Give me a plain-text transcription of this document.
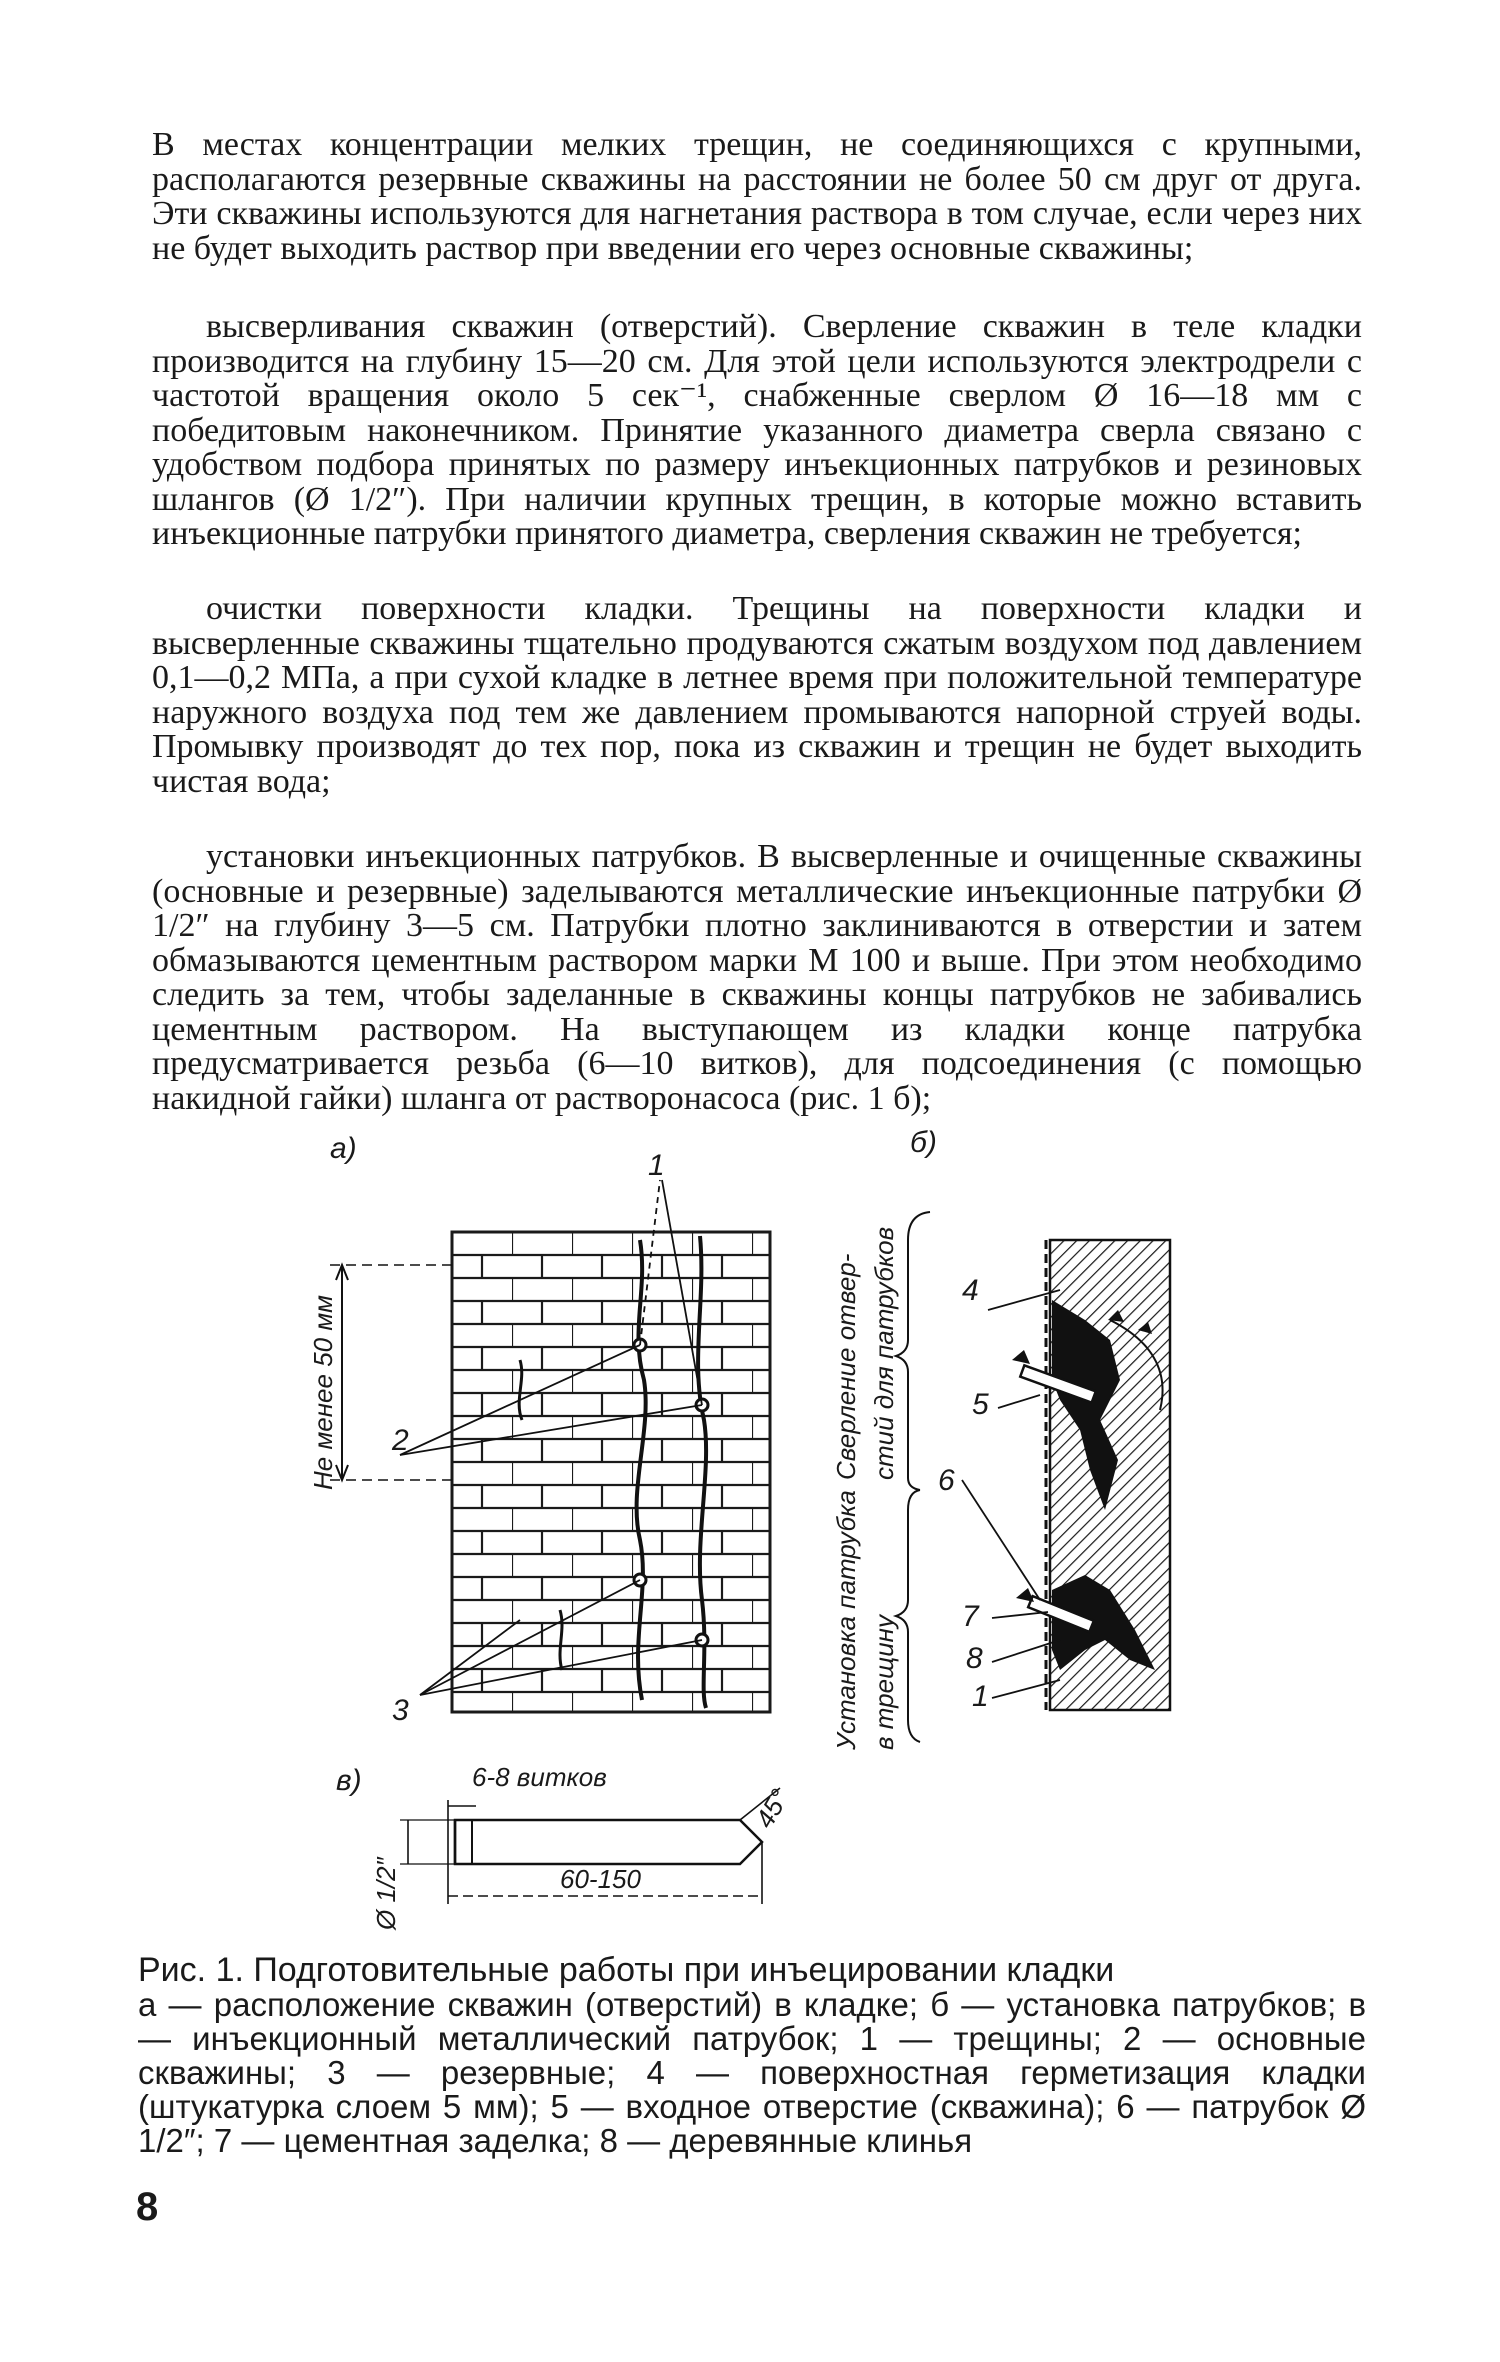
В местах концентрации мелких трещин, не соединяющихся с крупными, располагаются резервные скважины на расстоянии не более 50 см друг от друга. Эти скважины используются для нагнетания раствора в том случае, если через них не будет выходить раствор при введении его через основные скважины;

высверливания скважин (отверстий). Сверление скважин в теле кладки производится на глубину 15—20 см. Для этой цели используются электродрели с частотой вращения около 5 сек⁻¹, снабженные сверлом Ø 16—18 мм с победитовым наконечником. Принятие указанного диаметра сверла связано с удобством подбора принятых по размеру инъекционных патрубков и резиновых шлангов (Ø 1/2″). При наличии крупных трещин, в которые можно вставить инъекционные патрубки принятого диаметра, сверления скважин не требуется;

очистки поверхности кладки. Трещины на поверхности кладки и высверленные скважины тщательно продуваются сжатым воздухом под давлением 0,1—0,2 МПа, а при сухой кладке в летнее время при положительной температуре наружного воздуха под тем же давлением промываются напорной струей воды. Промывку производят до тех пор, пока из скважин и трещин не будет выходить чистая вода;

установки инъекционных патрубков. В высверленные и очищенные скважины (основные и резервные) заделываются металлические инъекционные патрубки Ø 1/2″ на глубину 3—5 см. Патрубки плотно заклиниваются в отверстии и затем обмазываются цементным раствором марки М 100 и выше. При этом необходимо следить за тем, чтобы заделанные в скважины концы патрубков не забивались цементным раствором. На выступающем из кладки конце патрубка предусматривается резьба (6—10 витков), для подсоединения (с помощью накидной гайки) шланга от растворонасоса (рис. 1 б);

а)
1
2
3
Не менее 50 мм
б)
4
5
6
7
8
1
Сверление отвер- стий для патрубков
Установка патрубка в трещину
в)	6-8 витков
45°
Ø 1/2″	60-150

Рис. 1. Подготовительные работы при инъецировании кладки

а — расположение скважин (отверстий) в кладке; б — установка патрубков; в — инъекционный металлический патрубок; 1 — трещины; 2 — основные скважины; 3 — резервные; 4 — поверхностная герметизация кладки (штукатурка слоем 5 мм); 5 — входное отверстие (скважина); 6 — патрубок Ø 1/2″; 7 — цементная заделка; 8 — деревянные клинья

8
